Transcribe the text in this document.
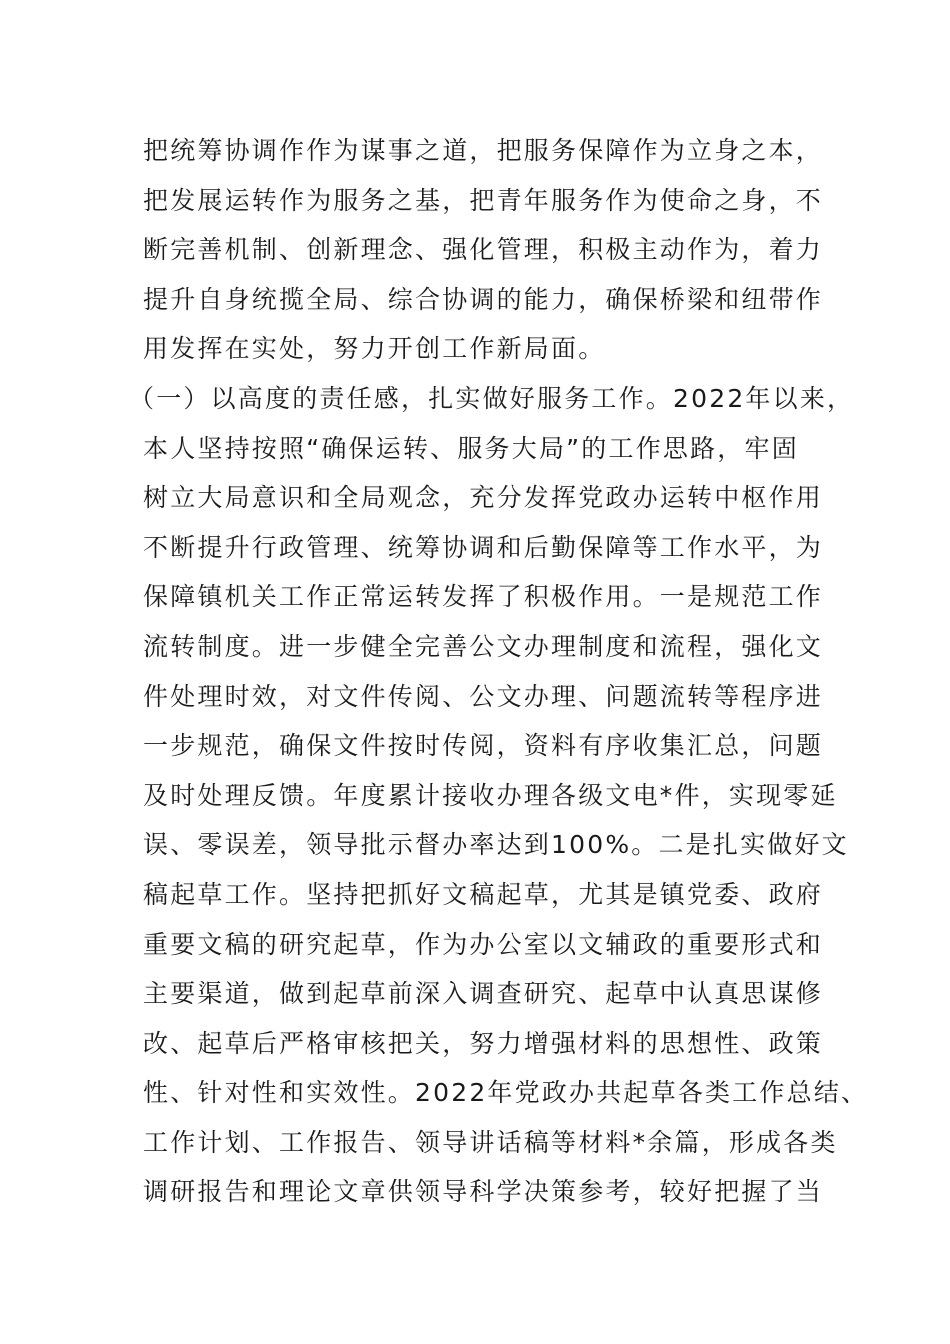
把统筹协调作作为谋事之道，把服务保障作为立身之本，
把发展运转作为服务之基，把青年服务作为使命之身，不
断完善机制、创新理念、强化管理，积极主动作为，着力
提升自身统揽全局、综合协调的能力，确保桥梁和纽带作
用发挥在实处，努力开创工作新局面。
（一）以高度的责任感，扎实做好服务工作。2022年以来，
本人坚持按照“确保运转、服务大局”的工作思路，牢固
树立大局意识和全局观念，充分发挥党政办运转中枢作用
不断提升行政管理、统筹协调和后勤保障等工作水平，为
保障镇机关工作正常运转发挥了积极作用。一是规范工作
流转制度。进一步健全完善公文办理制度和流程，强化文
件处理时效，对文件传阅、公文办理、问题流转等程序进
一步规范，确保文件按时传阅，资料有序收集汇总，问题
及时处理反馈。年度累计接收办理各级文电*件，实现零延
误、零误差，领导批示督办率达到100%。二是扎实做好文
稿起草工作。坚持把抓好文稿起草，尤其是镇党委、政府
重要文稿的研究起草，作为办公室以文辅政的重要形式和
主要渠道，做到起草前深入调查研究、起草中认真思谋修
改、起草后严格审核把关，努力增强材料的思想性、政策
性、针对性和实效性。2022年党政办共起草各类工作总结、
工作计划、工作报告、领导讲话稿等材料*余篇，形成各类
调研报告和理论文章供领导科学决策参考，较好把握了当
